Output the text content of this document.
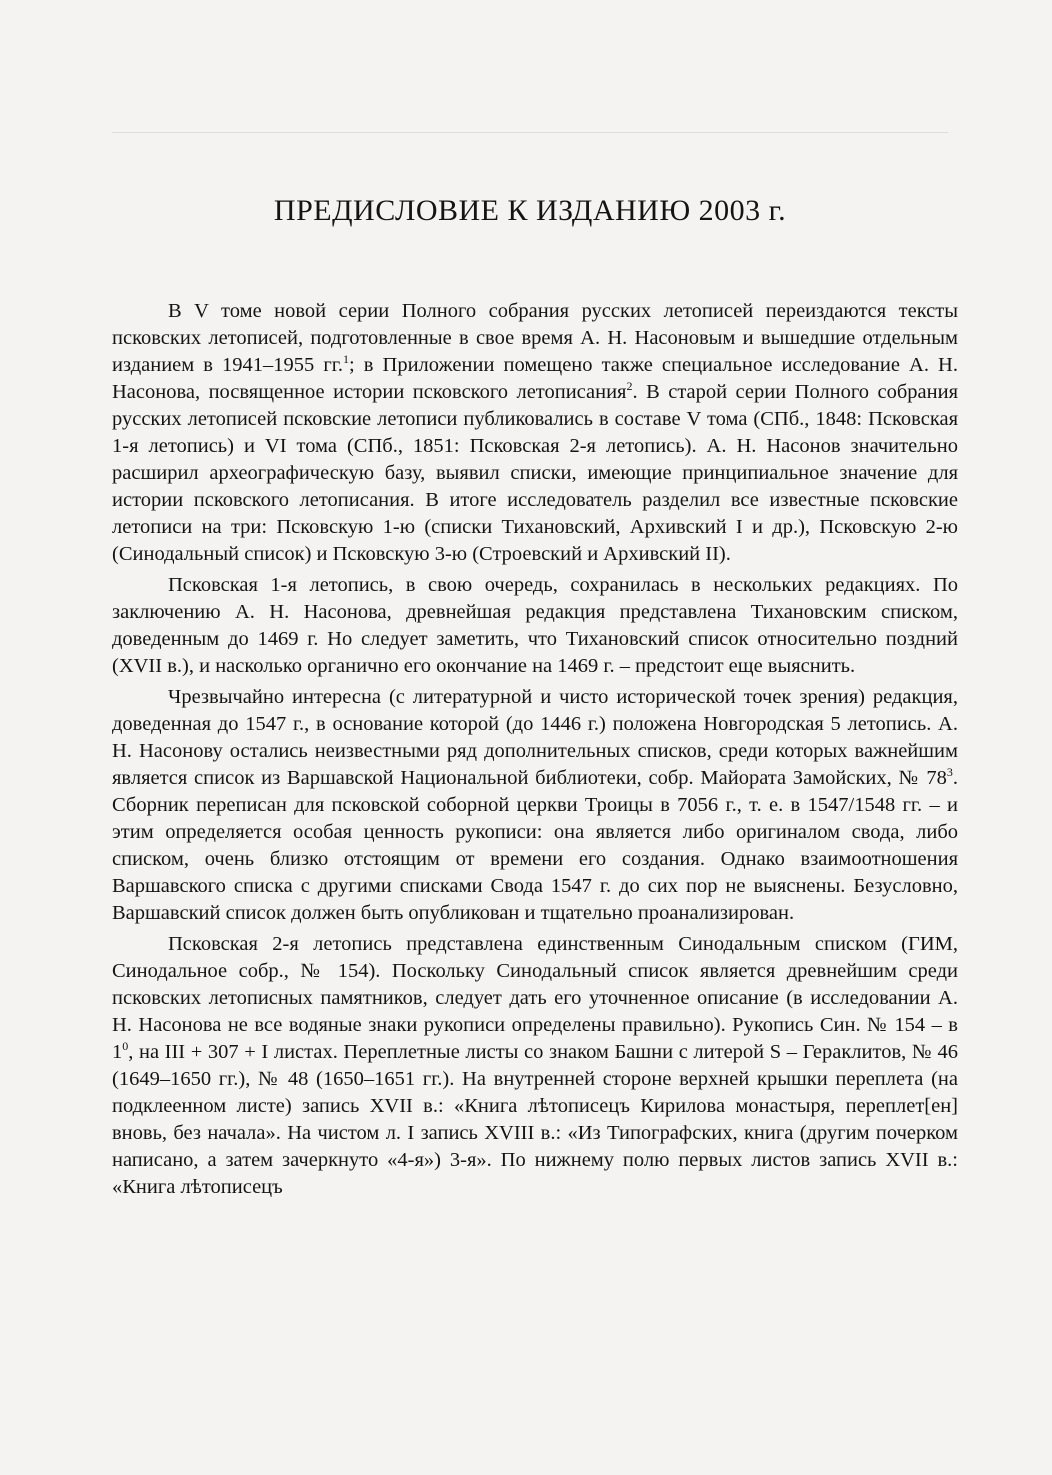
ПРЕДИСЛОВИЕ К ИЗДАНИЮ 2003 г.

В V томе новой серии Полного собрания русских летописей переиздаются тексты псковских летописей, подготовленные в свое время А. Н. Насоновым и вышедшие отдельным изданием в 1941–1955 гг.$^1$; в Приложении помещено также специальное исследование А. Н. Насонова, посвященное истории псковского летописания$^2$. В старой серии Полного собрания русских летописей псковские летописи публиковались в составе V тома (СПб., 1848: Псковская 1-я летопись) и VI тома (СПб., 1851: Псковская 2-я летопись). А. Н. Насонов значительно расширил археографическую базу, выявил списки, имеющие принципиальное значение для истории псковского летописания. В итоге исследователь разделил все известные псковские летописи на три: Псковскую 1-ю (списки Тихановский, Архивский I и др.), Псковскую 2-ю (Синодальный список) и Псковскую 3-ю (Строевский и Архивский II).

Псковская 1-я летопись, в свою очередь, сохранилась в нескольких редакциях. По заключению А. Н. Насонова, древнейшая редакция представлена Тихановским списком, доведенным до 1469 г. Но следует заметить, что Тихановский список относительно поздний (XVII в.), и насколько органично его окончание на 1469 г. – предстоит еще выяснить.

Чрезвычайно интересна (с литературной и чисто исторической точек зрения) редакция, доведенная до 1547 г., в основание которой (до 1446 г.) положена Новгородская 5 летопись. А. Н. Насонову остались неизвестными ряд дополнительных списков, среди которых важнейшим является список из Варшавской Национальной библиотеки, собр. Майората Замойских, № $78^3$. Сборник переписан для псковской соборной церкви Троицы в 7056 г., т. е. в 1547/1548 гг. – и этим определяется особая ценность рукописи: она является либо оригиналом свода, либо списком, очень близко отстоящим от времени его создания. Однако взаимоотношения Варшавского списка с другими списками Свода 1547 г. до сих пор не выяснены. Безусловно, Варшавский список должен быть опубликован и тщательно проанализирован.

Псковская 2-я летопись представлена единственным Синодальным списком (ГИМ, Синодальное собр., № 154). Поскольку Синодальный список является древнейшим среди псковских летописных памятников, следует дать его уточненное описание (в исследовании А. Н. Насонова не все водяные знаки рукописи определены правильно). Рукопись Син. № 154 – в $1^0$, на III + 307 + I листах. Переплетные листы со знаком Башни с литерой S – Гераклитов, № 46 (1649–1650 гг.), № 48 (1650–1651 гг.). На внутренней стороне верхней крышки переплета (на подклеенном листе) запись XVII в.: «Книга лѣтописецъ Кирилова монастыря, переплет[ен] вновь, без начала». На чистом л. I запись XVIII в.: «Из Типографских, книга (другим почерком написано, а затем зачеркнуто «4-я») 3-я». По нижнему полю первых листов запись XVII в.: «Книга лѣтописецъ
